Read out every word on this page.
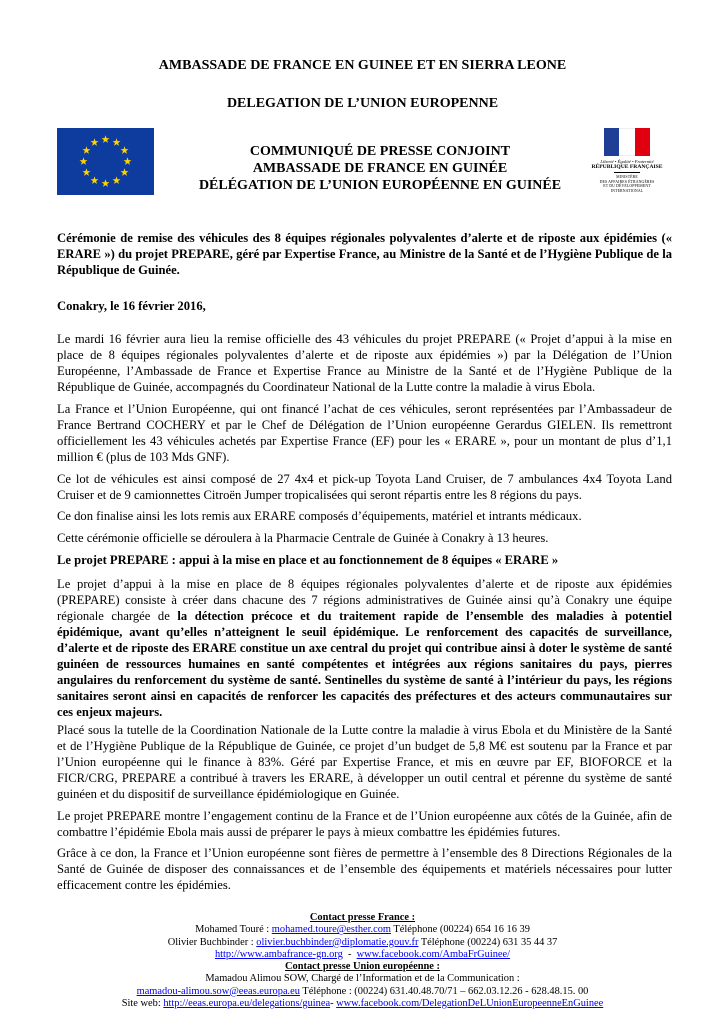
AMBASSADE DE FRANCE EN GUINEE ET EN SIERRA LEONE
DELEGATION DE L’UNION EUROPENNE
COMMUNIQUÉ DE PRESSE CONJOINT
AMBASSADE DE FRANCE EN GUINÉE
DÉLÉGATION DE L’UNION EUROPÉENNE EN GUINÉE
Liberté • Égalité • Fraternité
RÉPUBLIQUE FRANÇAISE
MINISTÈRE
DES AFFAIRES ÉTRANGÈRES
ET DU DÉVELOPPEMENT
INTERNATIONAL
Cérémonie de remise des véhicules des 8 équipes régionales polyvalentes d’alerte et de riposte aux épidémies (« ERARE ») du projet PREPARE, géré par Expertise France, au Ministre de la Santé et de l’Hygiène Publique de la République de Guinée.
Conakry, le 16 février 2016,
Le mardi 16 février aura lieu la remise officielle des 43 véhicules du projet PREPARE (« Projet d’appui à la mise en place de 8 équipes régionales polyvalentes d’alerte et de riposte aux épidémies ») par la Délégation de l’Union Européenne, l’Ambassade de France et Expertise France au Ministre de la Santé et de l’Hygiène Publique de la République de Guinée, accompagnés du Coordinateur National de la Lutte contre la maladie à virus Ebola.
La France et l’Union Européenne, qui ont financé l’achat de ces véhicules, seront représentées par l’Ambassadeur de France Bertrand COCHERY et par le Chef de Délégation de l’Union européenne Gerardus GIELEN. Ils remettront officiellement les 43 véhicules achetés par Expertise France (EF) pour les « ERARE », pour un montant de plus d’1,1 million € (plus de 103 Mds GNF).
Ce lot de véhicules est ainsi composé de 27 4x4 et pick-up Toyota Land Cruiser, de 7 ambulances 4x4 Toyota Land Cruiser et de 9 camionnettes Citroën Jumper tropicalisées qui seront répartis entre les 8 régions du pays.
Ce don finalise ainsi les lots remis aux ERARE composés d’équipements, matériel et intrants médicaux.
Cette cérémonie officielle se déroulera à la Pharmacie Centrale de Guinée à Conakry à 13 heures.
Le projet PREPARE : appui à la mise en place et au fonctionnement de 8 équipes « ERARE »
Le projet d’appui à la mise en place de 8 équipes régionales polyvalentes d’alerte et de riposte aux épidémies (PREPARE) consiste à créer dans chacune des 7 régions administratives de Guinée ainsi qu’à Conakry une équipe régionale chargée de la détection précoce et du traitement rapide de l’ensemble des maladies à potentiel épidémique, avant qu’elles n’atteignent le seuil épidémique. Le renforcement des capacités de surveillance, d’alerte et de riposte des ERARE constitue un axe central du projet qui contribue ainsi à doter le système de santé guinéen de ressources humaines en santé compétentes et intégrées aux régions sanitaires du pays, pierres angulaires du renforcement du système de santé. Sentinelles du système de santé à l’intérieur du pays, les régions sanitaires seront ainsi en capacités de renforcer les capacités des préfectures et des acteurs communautaires sur ces enjeux majeurs.
Placé sous la tutelle de la Coordination Nationale de la Lutte contre la maladie à virus Ebola et du Ministère de la Santé et de l’Hygiène Publique de la République de Guinée, ce projet d’un budget de 5,8 M€ est soutenu par la France et par l’Union européenne qui le finance à 83%. Géré par Expertise France, et mis en œuvre par EF, BIOFORCE et la FICR/CRG, PREPARE a contribué à travers les ERARE, à développer un outil central et pérenne du système de santé guinéen et du dispositif de surveillance épidémiologique en Guinée.
Le projet PREPARE montre l’engagement continu de la France et de l’Union européenne aux côtés de la Guinée, afin de combattre l’épidémie Ebola mais aussi de préparer le pays à mieux combattre les épidémies futures.
Grâce à ce don, la France et l’Union européenne sont fières de permettre à l’ensemble des 8 Directions Régionales de la Santé de Guinée de disposer des connaissances et de l’ensemble des équipements et matériels nécessaires pour lutter efficacement contre les épidémies.
Contact presse France :
Mohamed Touré : mohamed.toure@esther.com Téléphone (00224) 654 16 16 39
Olivier Buchbinder : olivier.buchbinder@diplomatie.gouv.fr Téléphone (00224) 631 35 44 37
http://www.ambafrance-gn.org  -  www.facebook.com/AmbaFrGuinee/
Contact presse Union européenne :
Mamadou Alimou SOW, Chargé de l’Information et de la Communication :
mamadou-alimou.sow@eeas.europa.eu Téléphone : (00224) 631.40.48.70/71 – 662.03.12.26 - 628.48.15. 00
Site web: http://eeas.europa.eu/delegations/guinea- www.facebook.com/DelegationDeLUnionEuropeenneEnGuinee
